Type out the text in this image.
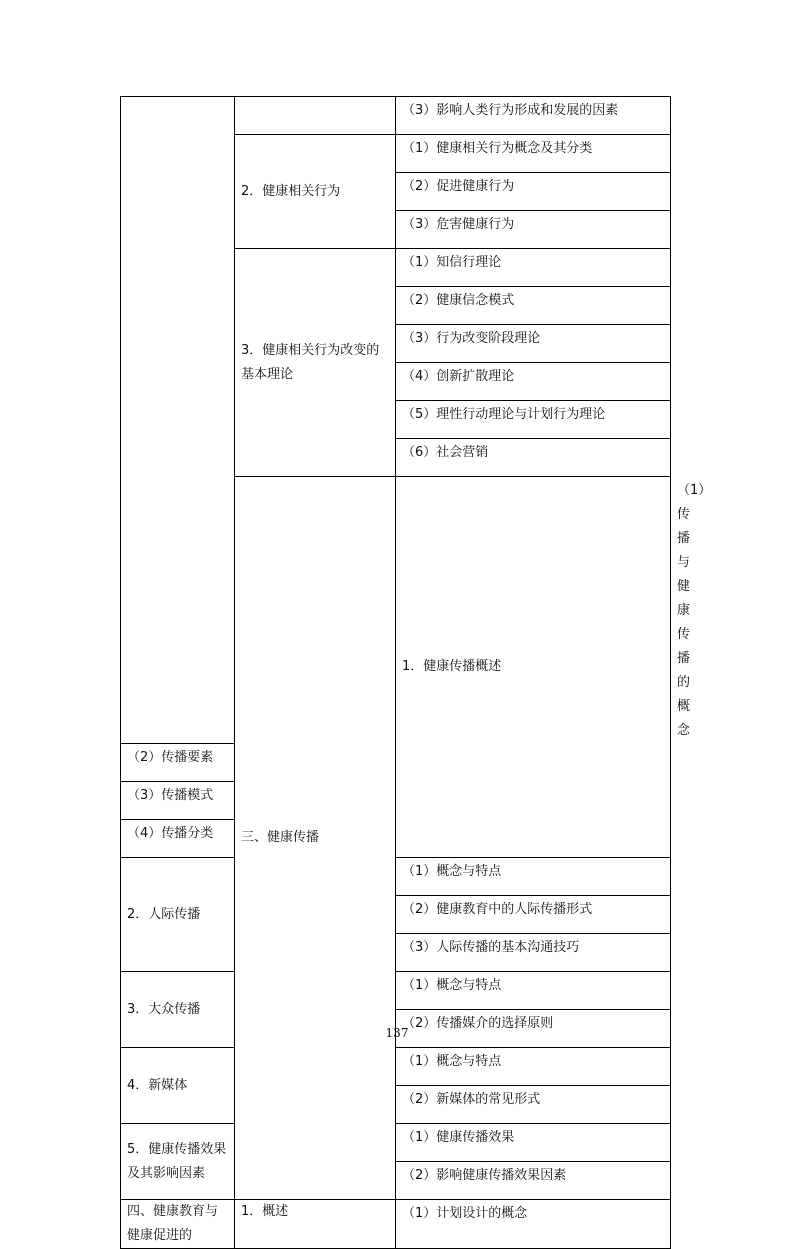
		（3）影响人类行为形成和发展的因素	
	2．健康相关行为	（1）健康相关行为概念及其分类	
		（2）促进健康行为	
		（3）危害健康行为	
	3．健康相关行为改变的基本理论	（1）知信行理论	
		（2）健康信念模式	
		（3）行为改变阶段理论	
		（4）创新扩散理论	
		（5）理性行动理论与计划行为理论	
		（6）社会营销	
	三、健康传播	1．健康传播概述	（1）传播与健康传播的概念
（2）传播要素			
（3）传播模式			
（4）传播分类			
2．人际传播		（1）概念与特点	
		（2）健康教育中的人际传播形式	
		（3）人际传播的基本沟通技巧	
3．大众传播		（1）概念与特点	
		（2）传播媒介的选择原则	
4．新媒体		（1）概念与特点	
		（2）新媒体的常见形式	
5．健康传播效果及其影响因素		（1）健康传播效果	
		（2）影响健康传播效果因素	
四、健康教育与健康促进的	1．概述	（1）计划设计的概念	
137
